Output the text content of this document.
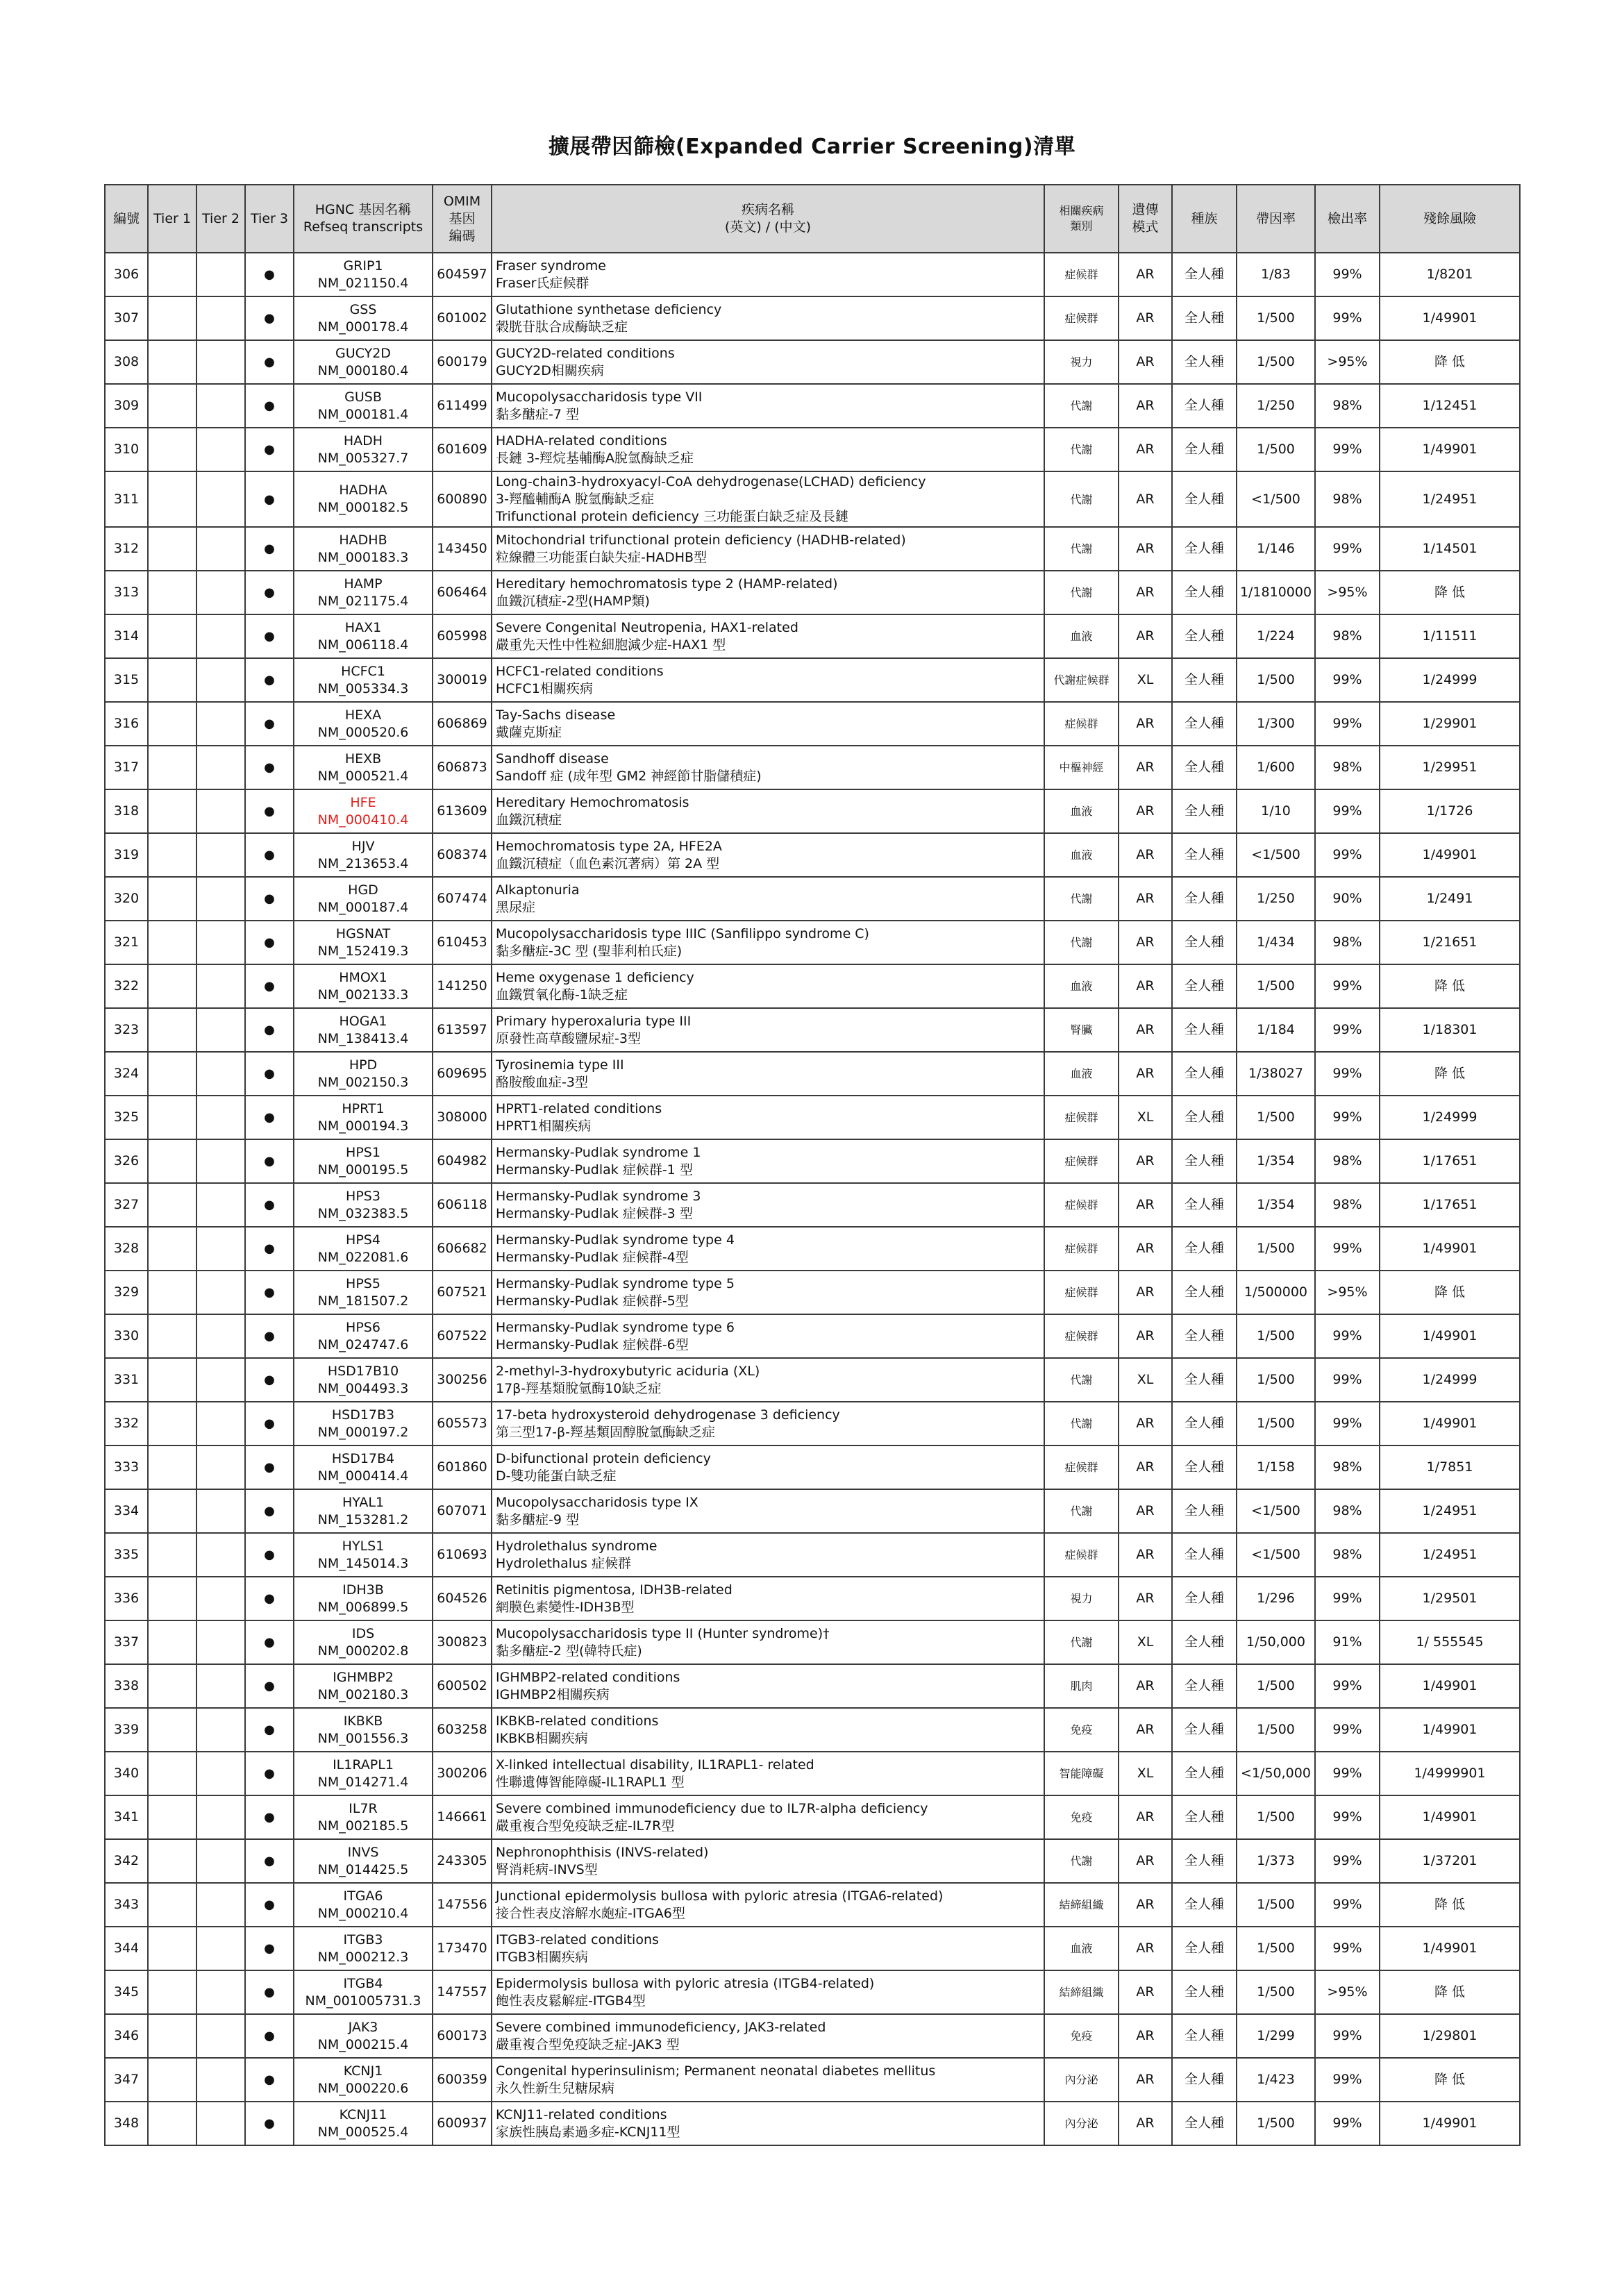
擴展帶因篩檢(Expanded Carrier Screening)清單
編號	Tier 1	Tier 2	Tier 3	HGNC 基因名稱
Refseq transcripts	OMIM
基因
編碼	疾病名稱
(英文) / (中文)	相關疾病
類別	遺傳
模式	種族	帶因率	檢出率	殘餘風險
306			●	GRIP1
NM_021150.4	604597	Fraser syndrome
Fraser氏症候群	症候群	AR	全人種	1/83	99%	1/8201
307			●	GSS
NM_000178.4	601002	Glutathione synthetase deficiency
榖胱苷肽合成酶缺乏症	症候群	AR	全人種	1/500	99%	1/49901
308			●	GUCY2D
NM_000180.4	600179	GUCY2D-related conditions
GUCY2D相關疾病	視力	AR	全人種	1/500	>95%	降 低
309			●	GUSB
NM_000181.4	611499	Mucopolysaccharidosis type VII
黏多醣症-7 型	代謝	AR	全人種	1/250	98%	1/12451
310			●	HADH
NM_005327.7	601609	HADHA-related conditions
長鏈 3-羥烷基輔酶A脫氫酶缺乏症	代謝	AR	全人種	1/500	99%	1/49901
311			●	HADHA
NM_000182.5	600890	Long-chain3-hydroxyacyl-CoA dehydrogenase(LCHAD) deficiency
3-羥醯輔酶A 脫氫酶缺乏症
Trifunctional protein deficiency 三功能蛋白缺乏症及長鏈	代謝	AR	全人種	<1/500	98%	1/24951
312			●	HADHB
NM_000183.3	143450	Mitochondrial trifunctional protein deficiency (HADHB-related)
粒線體三功能蛋白缺失症-HADHB型	代謝	AR	全人種	1/146	99%	1/14501
313			●	HAMP
NM_021175.4	606464	Hereditary hemochromatosis type 2 (HAMP-related)
血鐵沉積症-2型(HAMP類)	代謝	AR	全人種	1/1810000	>95%	降 低
314			●	HAX1
NM_006118.4	605998	Severe Congenital Neutropenia, HAX1-related
嚴重先天性中性粒細胞減少症-HAX1 型	血液	AR	全人種	1/224	98%	1/11511
315			●	HCFC1
NM_005334.3	300019	HCFC1-related conditions
HCFC1相關疾病	代謝症候群	XL	全人種	1/500	99%	1/24999
316			●	HEXA
NM_000520.6	606869	Tay-Sachs disease
戴薩克斯症	症候群	AR	全人種	1/300	99%	1/29901
317			●	HEXB
NM_000521.4	606873	Sandhoff disease
Sandoff 症 (成年型 GM2 神經節甘脂儲積症)	中樞神經	AR	全人種	1/600	98%	1/29951
318			●	HFE
NM_000410.4	613609	Hereditary Hemochromatosis
血鐵沉積症	血液	AR	全人種	1/10	99%	1/1726
319			●	HJV
NM_213653.4	608374	Hemochromatosis type 2A, HFE2A
血鐵沉積症（血色素沉著病）第 2A 型	血液	AR	全人種	<1/500	99%	1/49901
320			●	HGD
NM_000187.4	607474	Alkaptonuria
黑尿症	代謝	AR	全人種	1/250	90%	1/2491
321			●	HGSNAT
NM_152419.3	610453	Mucopolysaccharidosis type IIIC (Sanfilippo syndrome C)
黏多醣症-3C 型 (聖菲利柏氏症)	代謝	AR	全人種	1/434	98%	1/21651
322			●	HMOX1
NM_002133.3	141250	Heme oxygenase 1 deficiency
血鐵質氧化酶-1缺乏症	血液	AR	全人種	1/500	99%	降 低
323			●	HOGA1
NM_138413.4	613597	Primary hyperoxaluria type III
原發性高草酸鹽尿症-3型	腎臟	AR	全人種	1/184	99%	1/18301
324			●	HPD
NM_002150.3	609695	Tyrosinemia type III
酪胺酸血症-3型	血液	AR	全人種	1/38027	99%	降 低
325			●	HPRT1
NM_000194.3	308000	HPRT1-related conditions
HPRT1相關疾病	症候群	XL	全人種	1/500	99%	1/24999
326			●	HPS1
NM_000195.5	604982	Hermansky-Pudlak syndrome 1
Hermansky-Pudlak 症候群-1 型	症候群	AR	全人種	1/354	98%	1/17651
327			●	HPS3
NM_032383.5	606118	Hermansky-Pudlak syndrome 3
Hermansky-Pudlak 症候群-3 型	症候群	AR	全人種	1/354	98%	1/17651
328			●	HPS4
NM_022081.6	606682	Hermansky-Pudlak syndrome type 4
Hermansky-Pudlak 症候群-4型	症候群	AR	全人種	1/500	99%	1/49901
329			●	HPS5
NM_181507.2	607521	Hermansky-Pudlak syndrome type 5
Hermansky-Pudlak 症候群-5型	症候群	AR	全人種	1/500000	>95%	降 低
330			●	HPS6
NM_024747.6	607522	Hermansky-Pudlak syndrome type 6
Hermansky-Pudlak 症候群-6型	症候群	AR	全人種	1/500	99%	1/49901
331			●	HSD17B10
NM_004493.3	300256	2-methyl-3-hydroxybutyric aciduria (XL)
17β-羥基類脫氫酶10缺乏症	代謝	XL	全人種	1/500	99%	1/24999
332			●	HSD17B3
NM_000197.2	605573	17-beta hydroxysteroid dehydrogenase 3 deficiency
第三型17-β-羥基類固醇脫氫酶缺乏症	代謝	AR	全人種	1/500	99%	1/49901
333			●	HSD17B4
NM_000414.4	601860	D-bifunctional protein deficiency
D-雙功能蛋白缺乏症	症候群	AR	全人種	1/158	98%	1/7851
334			●	HYAL1
NM_153281.2	607071	Mucopolysaccharidosis type IX
黏多醣症-9 型	代謝	AR	全人種	<1/500	98%	1/24951
335			●	HYLS1
NM_145014.3	610693	Hydrolethalus syndrome
Hydrolethalus 症候群	症候群	AR	全人種	<1/500	98%	1/24951
336			●	IDH3B
NM_006899.5	604526	Retinitis pigmentosa, IDH3B-related
網膜色素變性-IDH3B型	視力	AR	全人種	1/296	99%	1/29501
337			●	IDS
NM_000202.8	300823	Mucopolysaccharidosis type II (Hunter syndrome)†
黏多醣症-2 型(韓特氏症)	代謝	XL	全人種	1/50,000	91%	1/ 555545
338			●	IGHMBP2
NM_002180.3	600502	IGHMBP2-related conditions
IGHMBP2相關疾病	肌肉	AR	全人種	1/500	99%	1/49901
339			●	IKBKB
NM_001556.3	603258	IKBKB-related conditions
IKBKB相關疾病	免疫	AR	全人種	1/500	99%	1/49901
340			●	IL1RAPL1
NM_014271.4	300206	X-linked intellectual disability, IL1RAPL1- related
性聯遺傳智能障礙-IL1RAPL1 型	智能障礙	XL	全人種	<1/50,000	99%	1/4999901
341			●	IL7R
NM_002185.5	146661	Severe combined immunodeficiency due to IL7R-alpha deficiency
嚴重複合型免疫缺乏症-IL7R型	免疫	AR	全人種	1/500	99%	1/49901
342			●	INVS
NM_014425.5	243305	Nephronophthisis (INVS-related)
腎消耗病-INVS型	代謝	AR	全人種	1/373	99%	1/37201
343			●	ITGA6
NM_000210.4	147556	Junctional epidermolysis bullosa with pyloric atresia (ITGA6-related)
接合性表皮溶解水皰症-ITGA6型	結締組織	AR	全人種	1/500	99%	降 低
344			●	ITGB3
NM_000212.3	173470	ITGB3-related conditions
ITGB3相關疾病	血液	AR	全人種	1/500	99%	1/49901
345			●	ITGB4
NM_001005731.3	147557	Epidermolysis bullosa with pyloric atresia (ITGB4-related)
飽性表皮鬆解症-ITGB4型	結締組織	AR	全人種	1/500	>95%	降 低
346			●	JAK3
NM_000215.4	600173	Severe combined immunodeficiency, JAK3-related
嚴重複合型免疫缺乏症-JAK3 型	免疫	AR	全人種	1/299	99%	1/29801
347			●	KCNJ1
NM_000220.6	600359	Congenital hyperinsulinism; Permanent neonatal diabetes mellitus
永久性新生兒糖尿病	內分泌	AR	全人種	1/423	99%	降 低
348			●	KCNJ11
NM_000525.4	600937	KCNJ11-related conditions
家族性胰島素過多症-KCNJ11型	內分泌	AR	全人種	1/500	99%	1/49901
